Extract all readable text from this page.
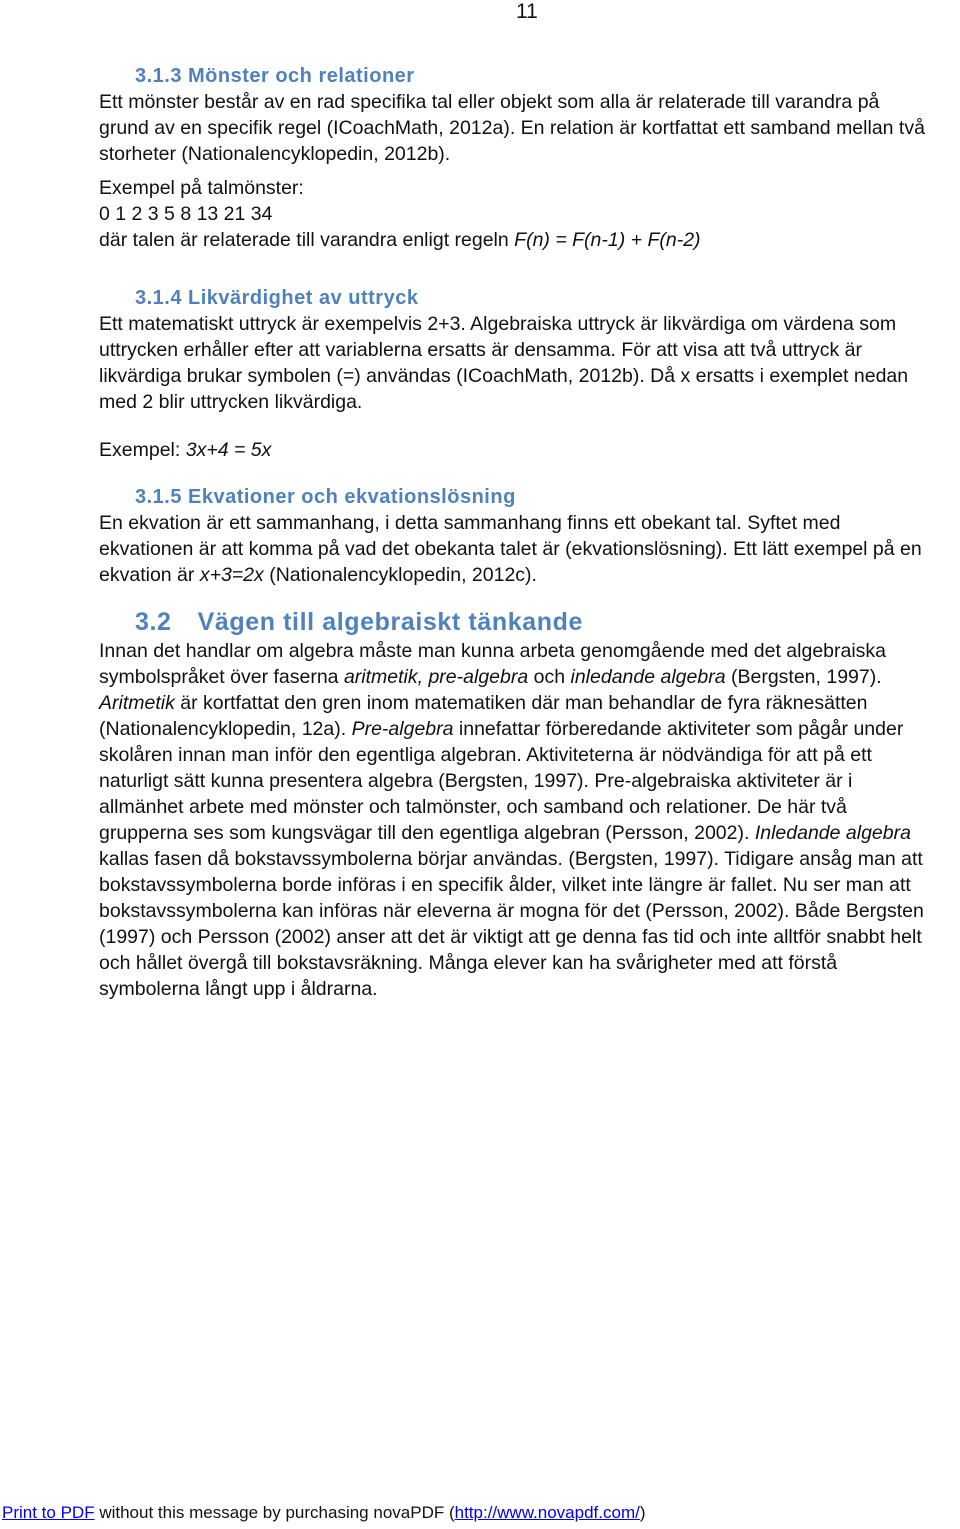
11
3.1.3 Mönster och relationer

Ett mönster består av en rad specifika tal eller objekt som alla är relaterade till varandra på grund av en specifik regel (ICoachMath, 2012a). En relation är kortfattat ett samband mellan två storheter (Nationalencyklopedin, 2012b).

Exempel på talmönster:

0 1 2 3 5 8 13 21 34

där talen är relaterade till varandra enligt regeln F(n) = F(n-1) + F(n-2)

3.1.4 Likvärdighet av uttryck

Ett matematiskt uttryck är exempelvis 2+3. Algebraiska uttryck är likvärdiga om värdena som uttrycken erhåller efter att variablerna ersatts är densamma. För att visa att två uttryck är likvärdiga brukar symbolen (=) användas (ICoachMath, 2012b). Då x ersatts i exemplet nedan med 2 blir uttrycken likvärdiga.

Exempel: 3x+4 = 5x

3.1.5 Ekvationer och ekvationslösning

En ekvation är ett sammanhang, i detta sammanhang finns ett obekant tal. Syftet med ekvationen är att komma på vad det obekanta talet är (ekvationslösning). Ett lätt exempel på en ekvation är x+3=2x (Nationalencyklopedin, 2012c).

3.2 Vägen till algebraiskt tänkande

Innan det handlar om algebra måste man kunna arbeta genomgående med det algebraiska symbolspråket över faserna aritmetik, pre-algebra och inledande algebra (Bergsten, 1997). Aritmetik är kortfattat den gren inom matematiken där man behandlar de fyra räknesätten (Nationalencyklopedin, 12a). Pre-algebra innefattar förberedande aktiviteter som pågår under skolåren innan man inför den egentliga algebran. Aktiviteterna är nödvändiga för att på ett naturligt sätt kunna presentera algebra (Bergsten, 1997). Pre-algebraiska aktiviteter är i allmänhet arbete med mönster och talmönster, och samband och relationer. De här två grupperna ses som kungsvägar till den egentliga algebran (Persson, 2002). Inledande algebra kallas fasen då bokstavssymbolerna börjar användas. (Bergsten, 1997). Tidigare ansåg man att bokstavssymbolerna borde införas i en specifik ålder, vilket inte längre är fallet. Nu ser man att bokstavssymbolerna kan införas när eleverna är mogna för det (Persson, 2002). Både Bergsten (1997) och Persson (2002) anser att det är viktigt att ge denna fas tid och inte alltför snabbt helt och hållet övergå till bokstavsräkning. Många elever kan ha svårigheter med att förstå symbolerna långt upp i åldrarna.

Print to PDF without this message by purchasing novaPDF (http://www.novapdf.com/)
